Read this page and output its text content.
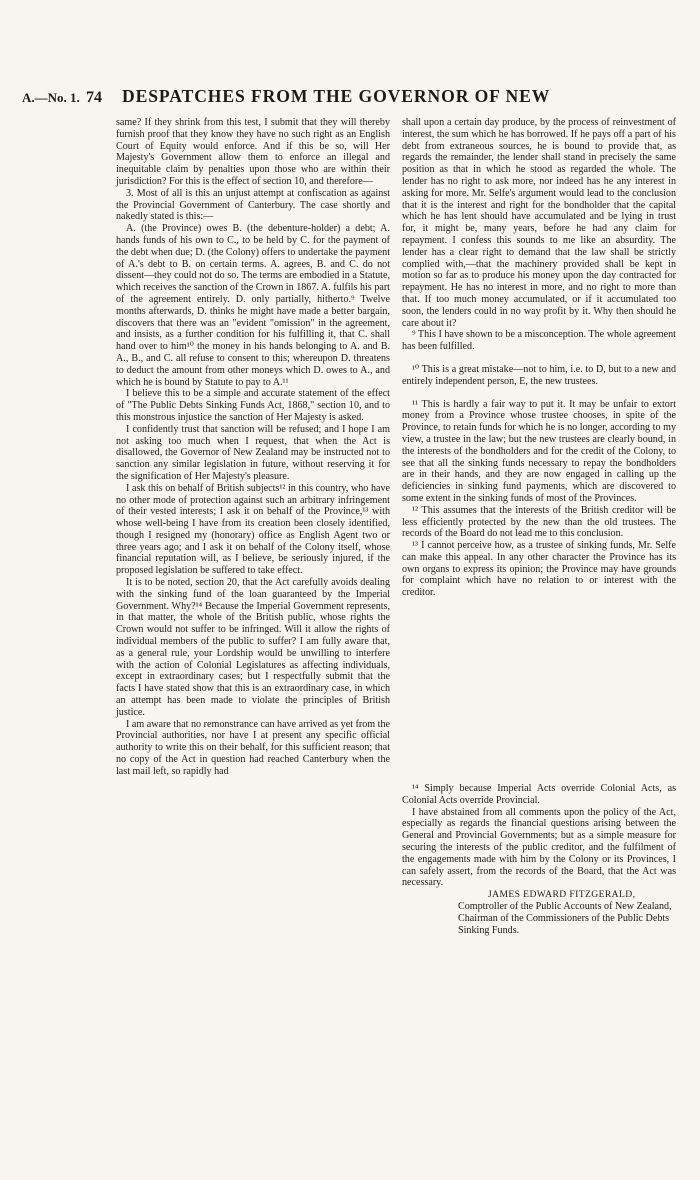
A.—No. 1. 74	DESPATCHES FROM THE GOVERNOR OF NEW

same? If they shrink from this test, I submit that they will thereby furnish proof that they know they have no such right as an English Court of Equity would enforce. And if this be so, will Her Majesty's Government allow them to enforce an illegal and inequitable claim by penalties upon those who are within their jurisdiction? For this is the effect of section 10, and therefore—

3. Most of all is this an unjust attempt at confiscation as against the Provincial Government of Canterbury. The case shortly and nakedly stated is this:—

A. (the Province) owes B. (the debenture-holder) a debt; A. hands funds of his own to C., to be held by C. for the payment of the debt when due; D. (the Colony) offers to undertake the payment of A.'s debt to B. on certain terms. A. agrees, B. and C. do not dissent—they could not do so. The terms are embodied in a Statute, which receives the sanction of the Crown in 1867. A. fulfils his part of the agreement entirely. D. only partially, hitherto.⁹ Twelve months afterwards, D. thinks he might have made a better bargain, discovers that there was an "evident "omission" in the agreement, and insists, as a further condition for his fulfilling it, that C. shall hand over to him¹⁰ the money in his hands belonging to A. and B. A., B., and C. all refuse to consent to this; whereupon D. threatens to deduct the amount from other moneys which D. owes to A., and which he is bound by Statute to pay to A.¹¹

I believe this to be a simple and accurate statement of the effect of "The Public Debts Sinking Funds Act, 1868," section 10, and to this monstrous injustice the sanction of Her Majesty is asked.

I confidently trust that sanction will be refused; and I hope I am not asking too much when I request, that when the Act is disallowed, the Governor of New Zealand may be instructed not to sanction any similar legislation in future, without reserving it for the signification of Her Majesty's pleasure.

I ask this on behalf of British subjects¹² in this country, who have no other mode of protection against such an arbitrary infringement of their vested interests; I ask it on behalf of the Province,¹³ with whose well-being I have from its creation been closely identified, though I resigned my (honorary) office as English Agent two or three years ago; and I ask it on behalf of the Colony itself, whose financial reputation will, as I believe, be seriously injured, if the proposed legislation be suffered to take effect.

It is to be noted, section 20, that the Act carefully avoids dealing with the sinking fund of the loan guaranteed by the Imperial Government. Why?¹⁴ Because the Imperial Government represents, in that matter, the whole of the British public, whose rights the Crown would not suffer to be infringed. Will it allow the rights of individual members of the public to suffer? I am fully aware that, as a general rule, your Lordship would be unwilling to interfere with the action of Colonial Legislatures as affecting individuals, except in extraordinary cases; but I respectfully submit that the facts I have stated show that this is an extraordinary case, in which an attempt has been made to violate the principles of British justice.

I am aware that no remonstrance can have arrived as yet from the Provincial authorities, nor have I at present any specific official authority to write this on their behalf, for this sufficient reason; that no copy of the Act in question had reached Canterbury when the last mail left, so rapidly had

shall upon a certain day produce, by the process of reinvestment of interest, the sum which he has borrowed. If he pays off a part of his debt from extraneous sources, he is bound to provide that, as regards the remainder, the lender shall stand in precisely the same position as that in which he stood as regarded the whole. The lender has no right to ask more, nor indeed has he any interest in asking for more. Mr. Selfe's argument would lead to the conclusion that it is the interest and right for the bondholder that the capital which he has lent should have accumulated and be lying in trust for, it might be, many years, before he had any claim for repayment. I confess this sounds to me like an absurdity. The lender has a clear right to demand that the law shall be strictly complied with,—that the machinery provided shall be kept in motion so far as to produce his money upon the day contracted for repayment. He has no interest in more, and no right to more than that. If too much money accumulated, or if it accumulated too soon, the lenders could in no way profit by it. Why then should he care about it?

⁹ This I have shown to be a misconception. The whole agreement has been fulfilled.

¹⁰ This is a great mistake—not to him, i.e. to D, but to a new and entirely independent person, E, the new trustees.

¹¹ This is hardly a fair way to put it. It may be unfair to extort money from a Province whose trustee chooses, in spite of the Province, to retain funds for which he is no longer, according to my view, a trustee in the law; but the new trustees are clearly bound, in the interests of the bondholders and for the credit of the Colony, to see that all the sinking funds necessary to repay the bondholders are in their hands, and they are now engaged in calling up the deficiencies in sinking fund payments, which are discovered to some extent in the sinking funds of most of the Provinces.

¹² This assumes that the interests of the British creditor will be less efficiently protected by the new than the old trustees. The records of the Board do not lead me to this conclusion.

¹³ I cannot perceive how, as a trustee of sinking funds, Mr. Selfe can make this appeal. In any other character the Province has its own organs to express its opinion; the Province may have grounds for complaint which have no relation to or interest with the creditor.

¹⁴ Simply because Imperial Acts override Colonial Acts, as Colonial Acts override Provincial.

I have abstained from all comments upon the policy of the Act, especially as regards the financial questions arising between the General and Provincial Governments; but as a simple measure for securing the interests of the public creditor, and the fulfilment of the engagements made with him by the Colony or its Provinces, I can safely assert, from the records of the Board, that the Act was necessary.

JAMES EDWARD FITZGERALD,

Comptroller of the Public Accounts of New Zealand, Chairman of the Commissioners of the Public Debts Sinking Funds.
